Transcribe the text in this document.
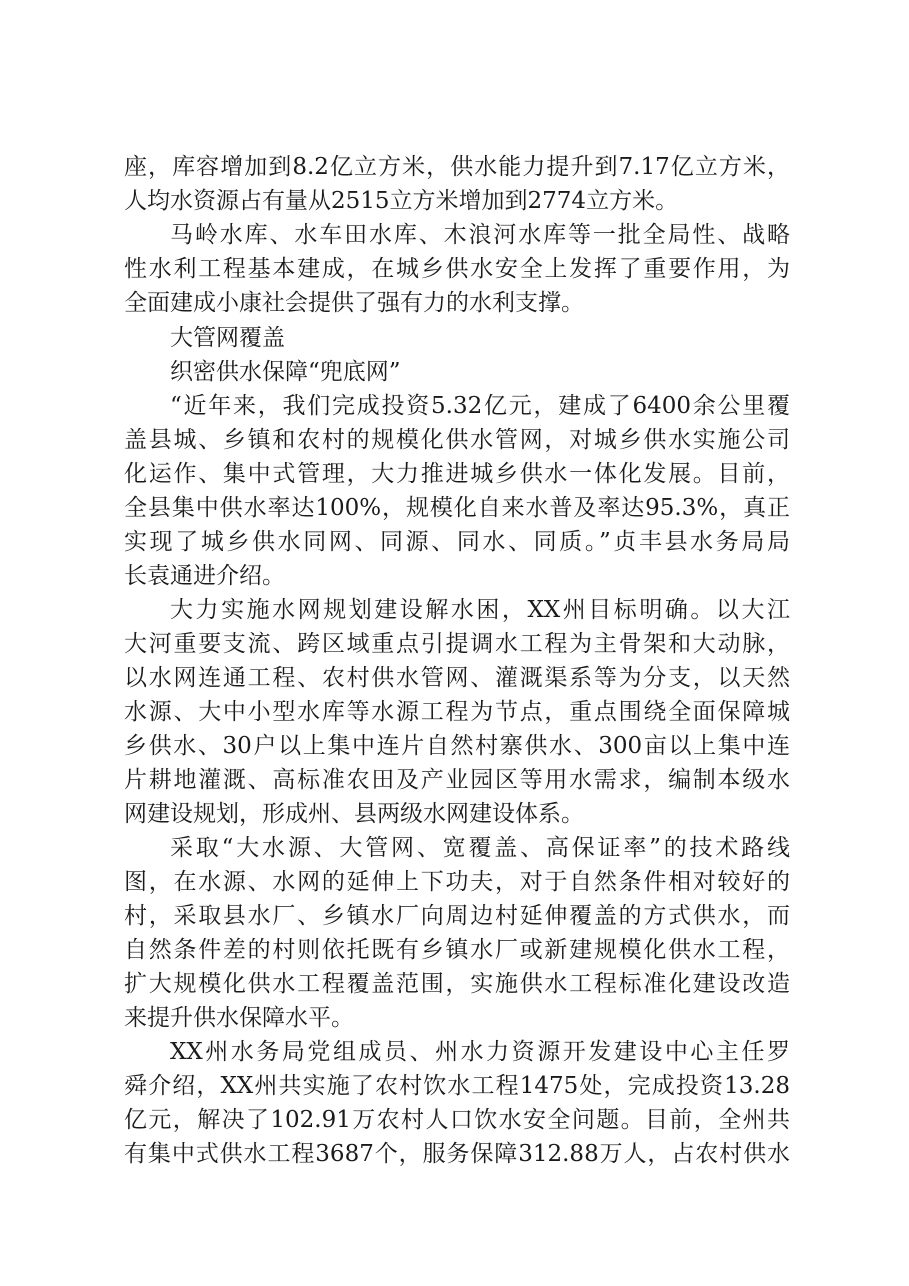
座，库容增加到8.2亿立方米，供水能力提升到7.17亿立方米，
人均水资源占有量从2515立方米增加到2774立方米。
马岭水库、水车田水库、木浪河水库等一批全局性、战略
性水利工程基本建成，在城乡供水安全上发挥了重要作用，为
全面建成小康社会提供了强有力的水利支撑。
大管网覆盖
织密供水保障“兜底网”
“近年来，我们完成投资5.32亿元，建成了6400余公里覆
盖县城、乡镇和农村的规模化供水管网，对城乡供水实施公司
化运作、集中式管理，大力推进城乡供水一体化发展。目前，
全县集中供水率达100%，规模化自来水普及率达95.3%，真正
实现了城乡供水同网、同源、同水、同质。”贞丰县水务局局
长袁通进介绍。
大力实施水网规划建设解水困，XX州目标明确。以大江
大河重要支流、跨区域重点引提调水工程为主骨架和大动脉，
以水网连通工程、农村供水管网、灌溉渠系等为分支，以天然
水源、大中小型水库等水源工程为节点，重点围绕全面保障城
乡供水、30户以上集中连片自然村寨供水、300亩以上集中连
片耕地灌溉、高标准农田及产业园区等用水需求，编制本级水
网建设规划，形成州、县两级水网建设体系。
采取“大水源、大管网、宽覆盖、高保证率”的技术路线
图，在水源、水网的延伸上下功夫，对于自然条件相对较好的
村，采取县水厂、乡镇水厂向周边村延伸覆盖的方式供水，而
自然条件差的村则依托既有乡镇水厂或新建规模化供水工程，
扩大规模化供水工程覆盖范围，实施供水工程标准化建设改造
来提升供水保障水平。
XX州水务局党组成员、州水力资源开发建设中心主任罗
舜介绍，XX州共实施了农村饮水工程1475处，完成投资13.28
亿元，解决了102.91万农村人口饮水安全问题。目前，全州共
有集中式供水工程3687个，服务保障312.88万人，占农村供水
